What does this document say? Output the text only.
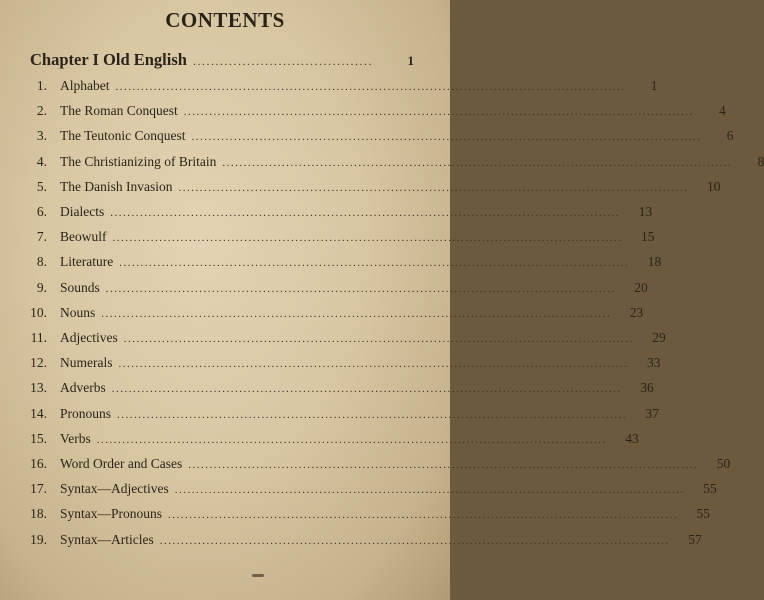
CONTENTS
Chapter I Old English ........................................	1
1. Alphabet ........................................................................................................................	1
2. The Roman Conquest ........................................................................................................................	4
3. The Teutonic Conquest ........................................................................................................................	6
4. The Christianizing of Britain ........................................................................................................................	8
5. The Danish Invasion ........................................................................................................................	10
6. Dialects ........................................................................................................................	13
7. Beowulf ........................................................................................................................	15
8. Literature ........................................................................................................................	18
9. Sounds ........................................................................................................................	20
10. Nouns ........................................................................................................................	23
11. Adjectives ........................................................................................................................	29
12. Numerals ........................................................................................................................	33
13. Adverbs ........................................................................................................................	36
14. Pronouns ........................................................................................................................	37
15. Verbs ........................................................................................................................	43
16. Word Order and Cases ........................................................................................................................	50
17. Syntax—Adjectives ........................................................................................................................	55
18. Syntax—Pronouns ........................................................................................................................	55
19. Syntax—Articles ........................................................................................................................	57
